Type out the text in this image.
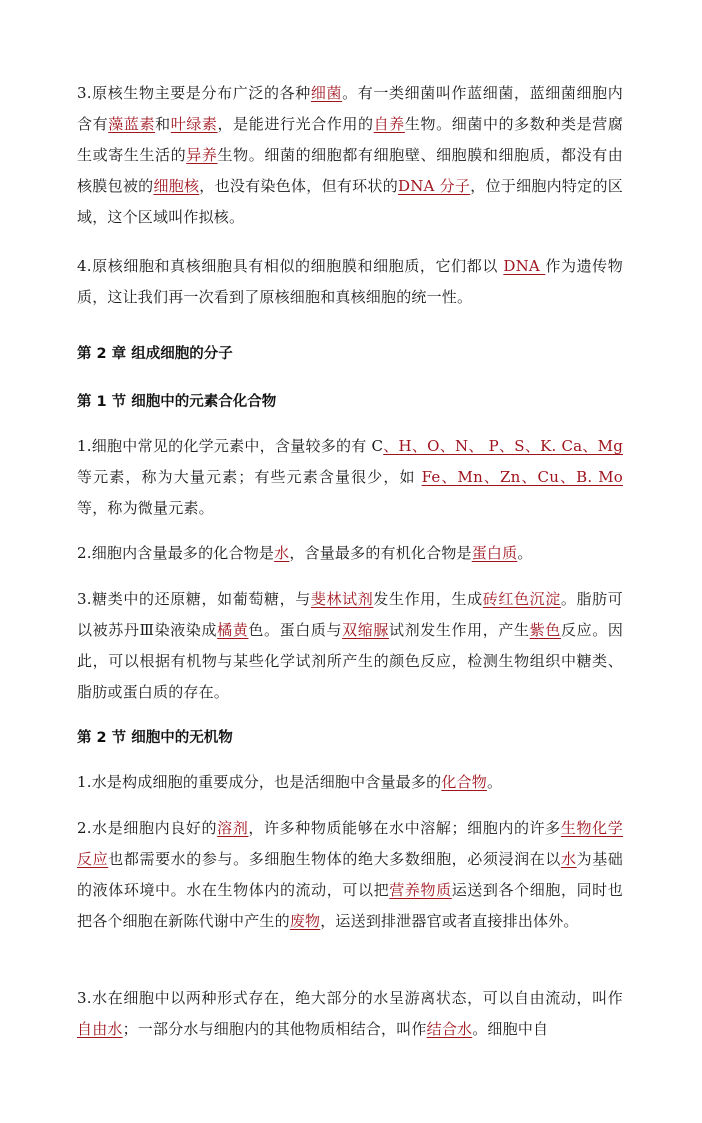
3.原核生物主要是分布广泛的各种细菌。有一类细菌叫作蓝细菌，蓝细菌细胞内含有藻蓝素和叶绿素，是能进行光合作用的自养生物。细菌中的多数种类是营腐生或寄生生活的异养生物。细菌的细胞都有细胞壁、细胞膜和细胞质，都没有由核膜包被的细胞核，也没有染色体，但有环状的DNA 分子，位于细胞内特定的区域，这个区域叫作拟核。

4.原核细胞和真核细胞具有相似的细胞膜和细胞质，它们都以 DNA 作为遗传物质，这让我们再一次看到了原核细胞和真核细胞的统一性。

第 2 章 组成细胞的分子
第 1 节 细胞中的元素合化合物

1.细胞中常见的化学元素中，含量较多的有 C、H、O、N、 P、S、K. Ca、Mg 等元素，称为大量元素；有些元素含量很少，如 Fe、Mn、Zn、Cu、B. Mo 等，称为微量元素。

2.细胞内含量最多的化合物是水，含量最多的有机化合物是蛋白质。

3.糖类中的还原糖，如葡萄糖，与斐林试剂发生作用，生成砖红色沉淀。脂肪可以被苏丹Ⅲ染液染成橘黄色。蛋白质与双缩脲试剂发生作用，产生紫色反应。因此，可以根据有机物与某些化学试剂所产生的颜色反应，检测生物组织中糖类、脂肪或蛋白质的存在。

第 2 节 细胞中的无机物

1.水是构成细胞的重要成分，也是活细胞中含量最多的化合物。

2.水是细胞内良好的溶剂，许多种物质能够在水中溶解；细胞内的许多生物化学反应也都需要水的参与。多细胞生物体的绝大多数细胞，必须浸润在以水为基础的液体环境中。水在生物体内的流动，可以把营养物质运送到各个细胞，同时也把各个细胞在新陈代谢中产生的废物，运送到排泄器官或者直接排出体外。

3.水在细胞中以两种形式存在，绝大部分的水呈游离状态，可以自由流动，叫作自由水；一部分水与细胞内的其他物质相结合，叫作结合水。细胞中自
